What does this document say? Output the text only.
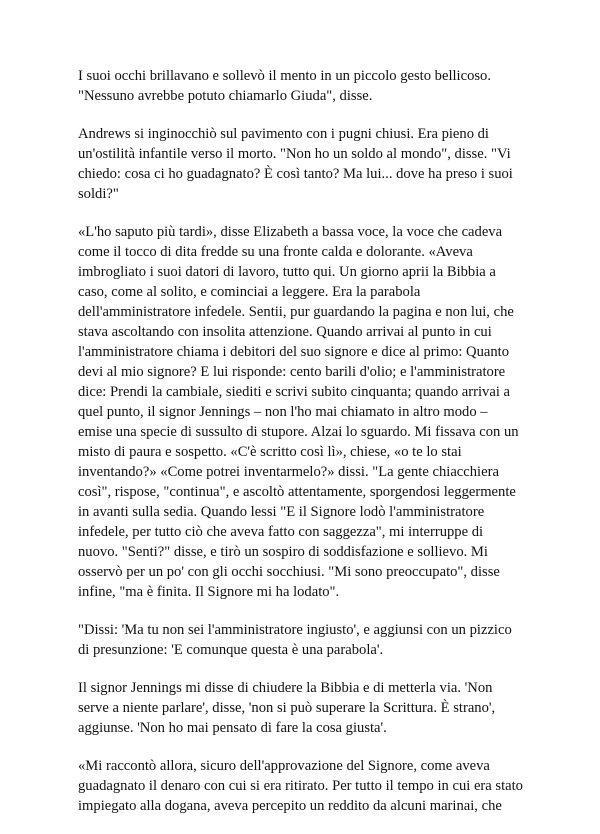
I suoi occhi brillavano e sollevò il mento in un piccolo gesto bellicoso.
"Nessuno avrebbe potuto chiamarlo Giuda", disse.

Andrews si inginocchiò sul pavimento con i pugni chiusi. Era pieno di
un'ostilità infantile verso il morto. "Non ho un soldo al mondo", disse. "Vi
chiedo: cosa ci ho guadagnato? È così tanto? Ma lui... dove ha preso i suoi
soldi?"

«L'ho saputo più tardi», disse Elizabeth a bassa voce, la voce che cadeva
come il tocco di dita fredde su una fronte calda e dolorante. «Aveva
imbrogliato i suoi datori di lavoro, tutto qui. Un giorno aprii la Bibbia a
caso, come al solito, e cominciai a leggere. Era la parabola
dell'amministratore infedele. Sentii, pur guardando la pagina e non lui, che
stava ascoltando con insolita attenzione. Quando arrivai al punto in cui
l'amministratore chiama i debitori del suo signore e dice al primo: Quanto
devi al mio signore? E lui risponde: cento barili d'olio; e l'amministratore
dice: Prendi la cambiale, siediti e scrivi subito cinquanta; quando arrivai a
quel punto, il signor Jennings – non l'ho mai chiamato in altro modo –
emise una specie di sussulto di stupore. Alzai lo sguardo. Mi fissava con un
misto di paura e sospetto. «C'è scritto così lì», chiese, «o te lo stai
inventando?» «Come potrei inventarmelo?» dissi. "La gente chiacchiera
così", rispose, "continua", e ascoltò attentamente, sporgendosi leggermente
in avanti sulla sedia. Quando lessi "E il Signore lodò l'amministratore
infedele, per tutto ciò che aveva fatto con saggezza", mi interruppe di
nuovo. "Senti?" disse, e tirò un sospiro di soddisfazione e sollievo. Mi
osservò per un po' con gli occhi socchiusi. "Mi sono preoccupato", disse
infine, "ma è finita. Il Signore mi ha lodato".

"Dissi: 'Ma tu non sei l'amministratore ingiusto', e aggiunsi con un pizzico
di presunzione: 'E comunque questa è una parabola'.

Il signor Jennings mi disse di chiudere la Bibbia e di metterla via. 'Non
serve a niente parlare', disse, 'non si può superare la Scrittura. È strano',
aggiunse. 'Non ho mai pensato di fare la cosa giusta'.

«Mi raccontò allora, sicuro dell'approvazione del Signore, come aveva
guadagnato il denaro con cui si era ritirato. Per tutto il tempo in cui era stato
impiegato alla dogana, aveva percepito un reddito da alcuni marinai, che
